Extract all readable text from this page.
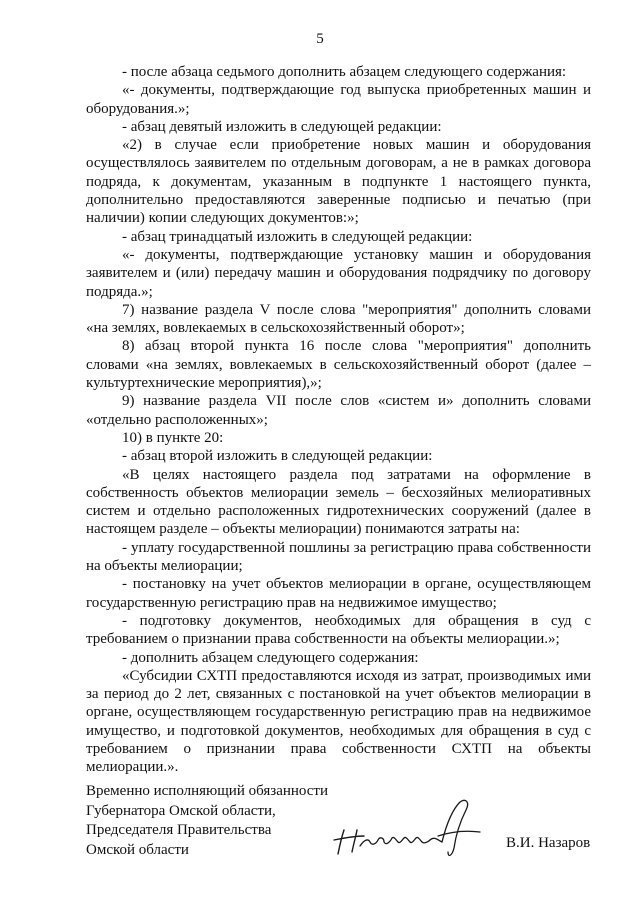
5

- после абзаца седьмого дополнить абзацем следующего содержания:

«- документы, подтверждающие год выпуска приобретенных машин и оборудования.»;

- абзац девятый изложить в следующей редакции:

«2) в случае если приобретение новых машин и оборудования осуществлялось заявителем по отдельным договорам, а не в рамках договора подряда, к документам, указанным в подпункте 1 настоящего пункта, дополнительно предоставляются заверенные подписью и печатью (при наличии) копии следующих документов:»;

- абзац тринадцатый изложить в следующей редакции:

«- документы, подтверждающие установку машин и оборудования заявителем и (или) передачу машин и оборудования подрядчику по договору подряда.»;

7) название раздела V после слова "мероприятия" дополнить словами «на землях, вовлекаемых в сельскохозяйственный оборот»;

8) абзац второй пункта 16 после слова "мероприятия" дополнить словами «на землях, вовлекаемых в сельскохозяйственный оборот (далее – культуртехнические мероприятия),»;

9) название раздела VII после слов «систем и» дополнить словами «отдельно расположенных»;

10) в пункте 20:

- абзац второй изложить в следующей редакции:

«В целях настоящего раздела под затратами на оформление в собственность объектов мелиорации земель – бесхозяйных мелиоративных систем и отдельно расположенных гидротехнических сооружений (далее в настоящем разделе – объекты мелиорации) понимаются затраты на:

- уплату государственной пошлины за регистрацию права собственности на объекты мелиорации;

- постановку на учет объектов мелиорации в органе, осуществляющем государственную регистрацию прав на недвижимое имущество;

- подготовку документов, необходимых для обращения в суд с требованием о признании права собственности на объекты мелиорации.»;

- дополнить абзацем следующего содержания:

«Субсидии СХТП предоставляются исходя из затрат, производимых ими за период до 2 лет, связанных с постановкой на учет объектов мелиорации в органе, осуществляющем государственную регистрацию прав на недвижимое имущество, и подготовкой документов, необходимых для обращения в суд с требованием о признании права собственности СХТП на объекты мелиорации.».

Временно исполняющий обязанности
Губернатора Омской области,
Председателя Правительства
Омской области	В.И. Назаров
